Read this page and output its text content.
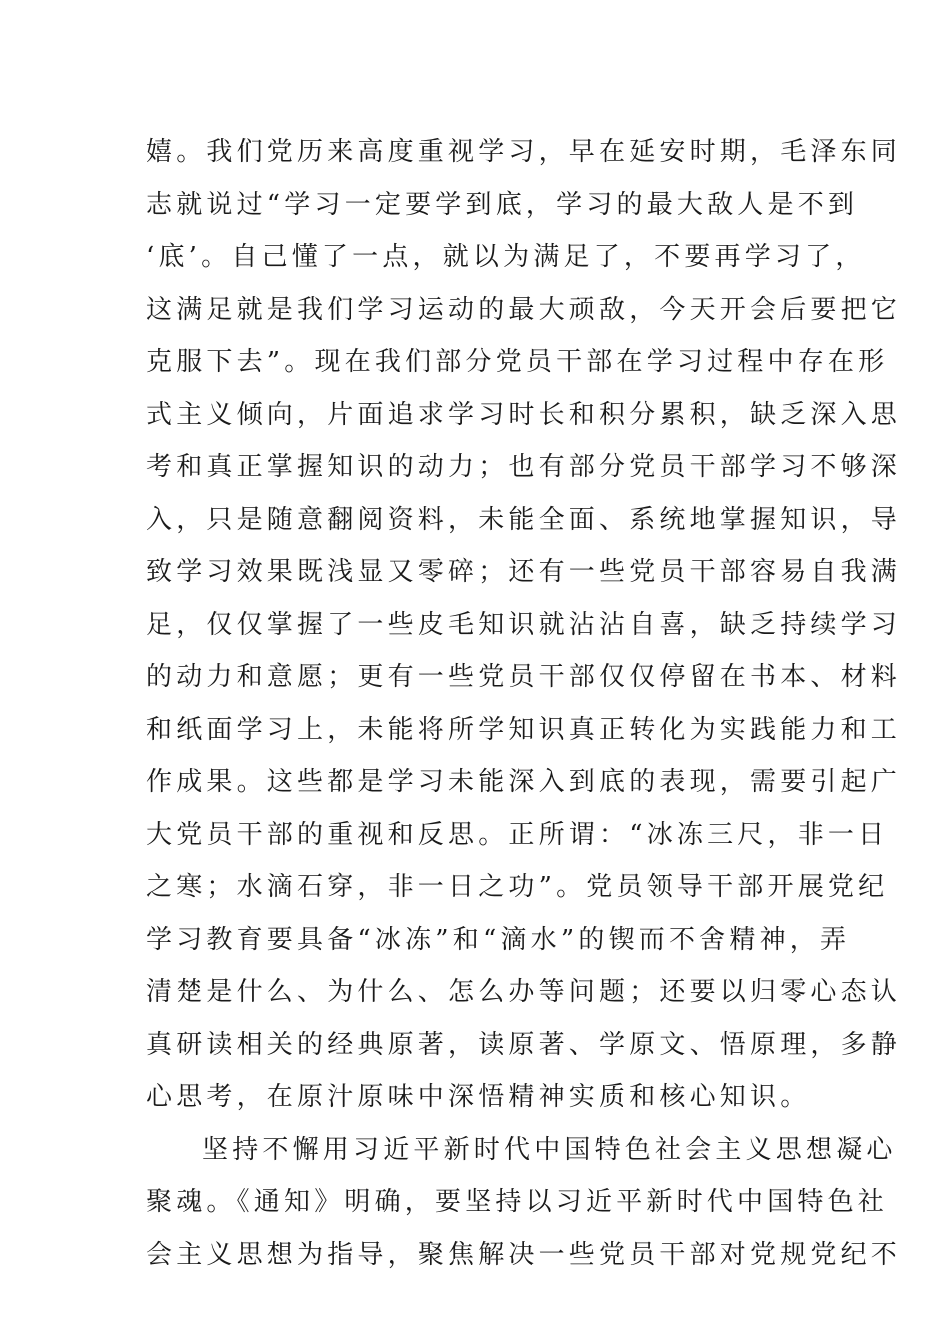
嬉。我们党历来高度重视学习，早在延安时期，毛泽东同
志就说过“学习一定要学到底，学习的最大敌人是不到
‘底’。自己懂了一点，就以为满足了，不要再学习了，
这满足就是我们学习运动的最大顽敌，今天开会后要把它
克服下去”。现在我们部分党员干部在学习过程中存在形
式主义倾向，片面追求学习时长和积分累积，缺乏深入思
考和真正掌握知识的动力；也有部分党员干部学习不够深
入，只是随意翻阅资料，未能全面、系统地掌握知识，导
致学习效果既浅显又零碎；还有一些党员干部容易自我满
足，仅仅掌握了一些皮毛知识就沾沾自喜，缺乏持续学习
的动力和意愿；更有一些党员干部仅仅停留在书本、材料
和纸面学习上，未能将所学知识真正转化为实践能力和工
作成果。这些都是学习未能深入到底的表现，需要引起广
大党员干部的重视和反思。正所谓：“冰冻三尺，非一日
之寒；水滴石穿，非一日之功”。党员领导干部开展党纪
学习教育要具备“冰冻”和“滴水”的锲而不舍精神，弄
清楚是什么、为什么、怎么办等问题；还要以归零心态认
真研读相关的经典原著，读原著、学原文、悟原理，多静
心思考，在原汁原味中深悟精神实质和核心知识。
坚持不懈用习近平新时代中国特色社会主义思想凝心
聚魂。《通知》明确，要坚持以习近平新时代中国特色社
会主义思想为指导，聚焦解决一些党员干部对党规党纪不
